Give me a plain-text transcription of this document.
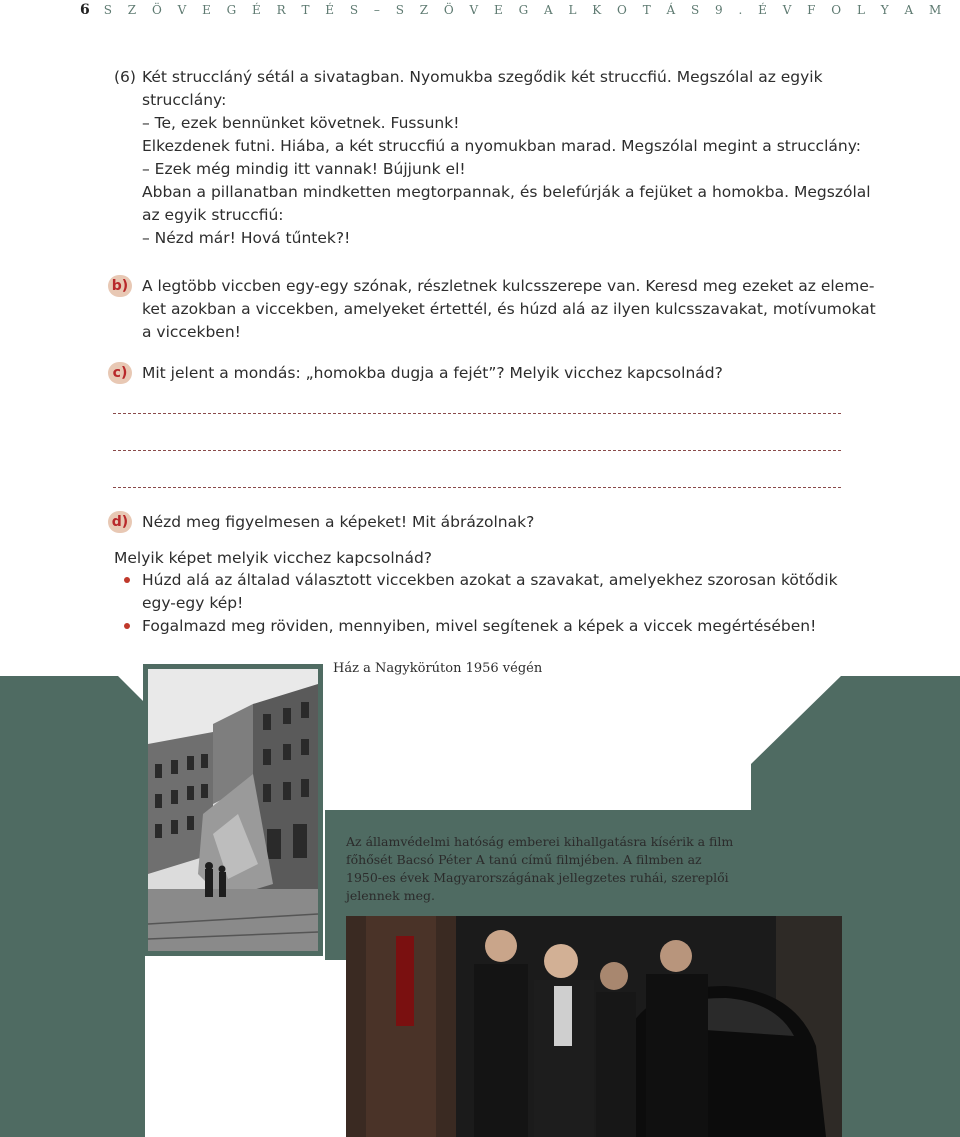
6 S Z Ö V E G É R T É S – S Z Ö V E G A L K O T Á S 9 . É V F O L Y A M
(6) Két struccláný sétál a sivatagban. Nyomukba szegődik két struccfiú. Megszólal az egyik
strucclány:
– Te, ezek bennünket követnek. Fussunk!
Elkezdenek futni. Hiába, a két struccfiú a nyomukban marad. Megszólal megint a strucclány:
– Ezek még mindig itt vannak! Bújjunk el!
Abban a pillanatban mindketten megtorpannak, és belefúrják a fejüket a homokba. Megszólal
az egyik struccfiú:
– Nézd már! Hová tűntek?!
b) A legtöbb viccben egy-egy szónak, részletnek kulcsszerepe van. Keresd meg ezeket az eleme-
ket azokban a viccekben, amelyeket értettél, és húzd alá az ilyen kulcsszavakat, motívumokat
a viccekben!
c) Mit jelent a mondás: „homokba dugja a fejét”? Melyik vicchez kapcsolnád?
d) Nézd meg figyelmesen a képeket! Mit ábrázolnak?
Melyik képet melyik vicchez kapcsolnád?
Húzd alá az általad választott viccekben azokat a szavakat, amelyekhez szorosan kötődik
egy-egy kép!
Fogalmazd meg röviden, mennyiben, mivel segítenek a képek a viccek megértésében!
Ház a Nagykörúton 1956 végén
Az államvédelmi hatóság emberei kihallgatásra kísérik a film
főhősét Bacsó Péter A tanú című filmjében. A filmben az
1950-es évek Magyarországának jellegzetes ruhái, szereplői
jelennek meg.
